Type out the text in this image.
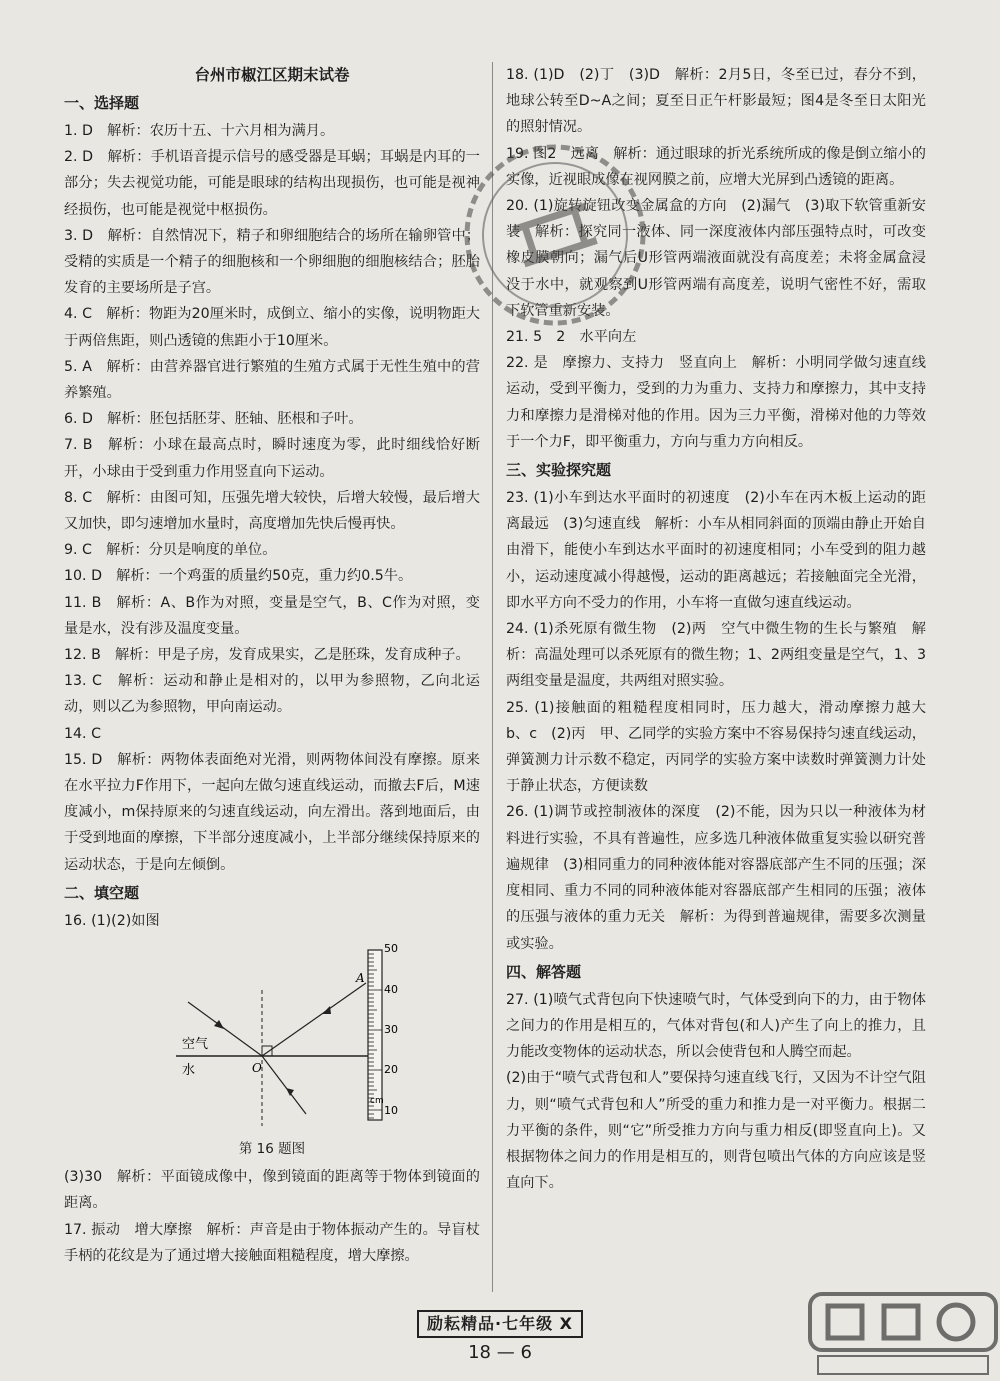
台州市椒江区期末试卷
一、选择题

1. D　解析：农历十五、十六月相为满月。

2. D　解析：手机语音提示信号的感受器是耳蜗；耳蜗是内耳的一部分；失去视觉功能，可能是眼球的结构出现损伤，也可能是视神经损伤，也可能是视觉中枢损伤。

3. D　解析：自然情况下，精子和卵细胞结合的场所在输卵管中；受精的实质是一个精子的细胞核和一个卵细胞的细胞核结合；胚胎发育的主要场所是子宫。

4. C　解析：物距为20厘米时，成倒立、缩小的实像，说明物距大于两倍焦距，则凸透镜的焦距小于10厘米。

5. A　解析：由营养器官进行繁殖的生殖方式属于无性生殖中的营养繁殖。

6. D　解析：胚包括胚芽、胚轴、胚根和子叶。

7. B　解析：小球在最高点时，瞬时速度为零，此时细线恰好断开，小球由于受到重力作用竖直向下运动。

8. C　解析：由图可知，压强先增大较快，后增大较慢，最后增大又加快，即匀速增加水量时，高度增加先快后慢再快。

9. C　解析：分贝是响度的单位。

10. D　解析：一个鸡蛋的质量约50克，重力约0.5牛。

11. B　解析：A、B作为对照，变量是空气，B、C作为对照，变量是水，没有涉及温度变量。

12. B　解析：甲是子房，发育成果实，乙是胚珠，发育成种子。

13. C　解析：运动和静止是相对的，以甲为参照物，乙向北运动，则以乙为参照物，甲向南运动。

14. C

15. D　解析：两物体表面绝对光滑，则两物体间没有摩擦。原来在水平拉力F作用下，一起向左做匀速直线运动，而撤去F后，M速度减小，m保持原来的匀速直线运动，向左滑出。落到地面后，由于受到地面的摩擦，下半部分速度减小，上半部分继续保持原来的运动状态，于是向左倾倒。

二、填空题

16. (1)(2)如图

50
40
30
20
10
cm
空气
水	O
A
第 16 题图

(3)30　解析：平面镜成像中，像到镜面的距离等于物体到镜面的距离。

17. 振动　增大摩擦　解析：声音是由于物体振动产生的。导盲杖手柄的花纹是为了通过增大接触面粗糙程度，增大摩擦。

18. (1)D　(2)丁　(3)D　解析：2月5日，冬至已过，春分不到，地球公转至D~A之间；夏至日正午杆影最短；图4是冬至日太阳光的照射情况。

19. 图2　远离　解析：通过眼球的折光系统所成的像是倒立缩小的实像，近视眼成像在视网膜之前，应增大光屏到凸透镜的距离。

20. (1)旋转旋钮改变金属盒的方向　(2)漏气　(3)取下软管重新安装　解析：探究同一液体、同一深度液体内部压强特点时，可改变橡皮膜朝向；漏气后U形管两端液面就没有高度差；未将金属盒浸没于水中，就观察到U形管两端有高度差，说明气密性不好，需取下软管重新安装。

21. 5　2　水平向左

22. 是　摩擦力、支持力　竖直向上　解析：小明同学做匀速直线运动，受到平衡力，受到的力为重力、支持力和摩擦力，其中支持力和摩擦力是滑梯对他的作用。因为三力平衡，滑梯对他的力等效于一个力F，即平衡重力，方向与重力方向相反。

三、实验探究题

23. (1)小车到达水平面时的初速度　(2)小车在丙木板上运动的距离最远　(3)匀速直线　解析：小车从相同斜面的顶端由静止开始自由滑下，能使小车到达水平面时的初速度相同；小车受到的阻力越小，运动速度减小得越慢，运动的距离越远；若接触面完全光滑，即水平方向不受力的作用，小车将一直做匀速直线运动。

24. (1)杀死原有微生物　(2)两　空气中微生物的生长与繁殖　解析：高温处理可以杀死原有的微生物；1、2两组变量是空气，1、3两组变量是温度，共两组对照实验。

25. (1)接触面的粗糙程度相同时，压力越大，滑动摩擦力越大　b、c　(2)丙　甲、乙同学的实验方案中不容易保持匀速直线运动，弹簧测力计示数不稳定，丙同学的实验方案中读数时弹簧测力计处于静止状态，方便读数

26. (1)调节或控制液体的深度　(2)不能，因为只以一种液体为材料进行实验，不具有普遍性，应多选几种液体做重复实验以研究普遍规律　(3)相同重力的同种液体能对容器底部产生不同的压强；深度相同、重力不同的同种液体能对容器底部产生相同的压强；液体的压强与液体的重力无关　解析：为得到普遍规律，需要多次测量或实验。

四、解答题

27. (1)喷气式背包向下快速喷气时，气体受到向下的力，由于物体之间力的作用是相互的，气体对背包(和人)产生了向上的推力，且力能改变物体的运动状态，所以会使背包和人腾空而起。

(2)由于“喷气式背包和人”要保持匀速直线飞行，又因为不计空气阻力，则“喷气式背包和人”所受的重力和推力是一对平衡力。根据二力平衡的条件，则“它”所受推力方向与重力相反(即竖直向上)。又根据物体之间力的作用是相互的，则背包喷出气体的方向应该是竖直向下。

励耘精品·七年级 X
18 — 6
